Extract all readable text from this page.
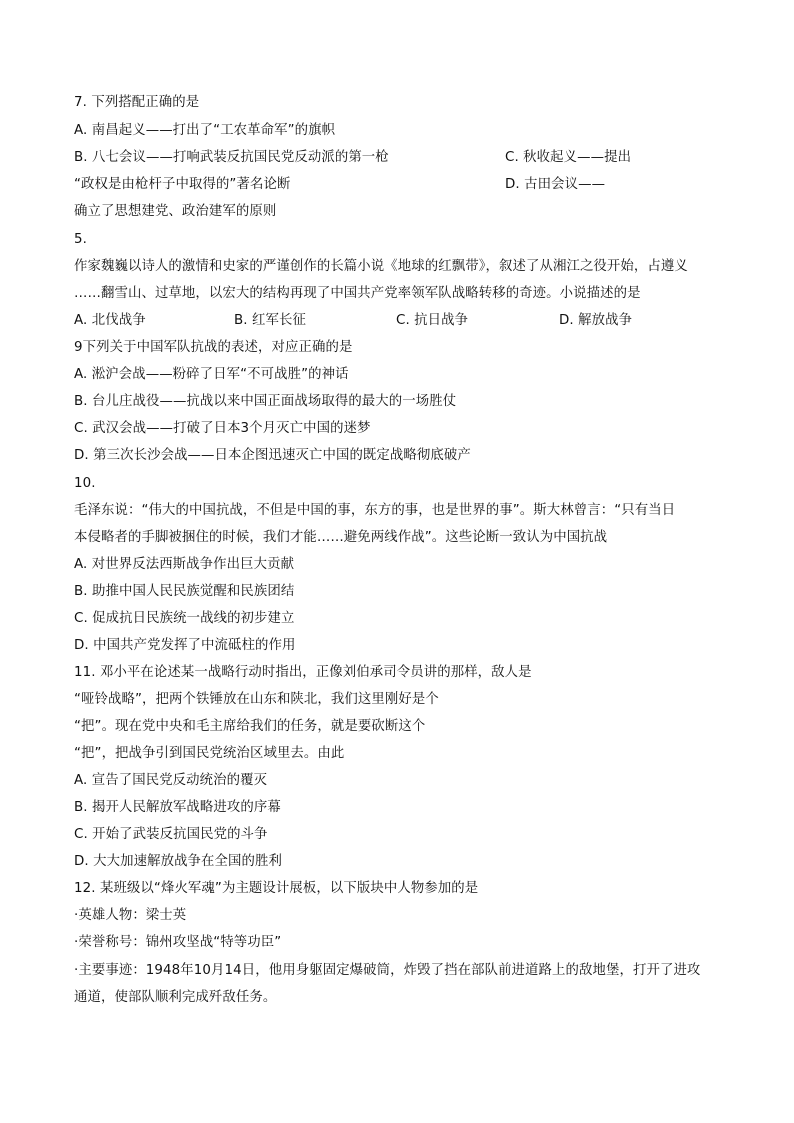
7. 下列搭配正确的是
A. 南昌起义——打出了“工农革命军”的旗帜
B. 八七会议——打响武装反抗国民党反动派的第一枪	C. 秋收起义——提出
“政权是由枪杆子中取得的”著名论断	D. 古田会议——
确立了思想建党、政治建军的原则
5.
作家魏巍以诗人的激情和史家的严谨创作的长篇小说《地球的红飘带》，叙述了从湘江之役开始，占遵义
……翻雪山、过草地，以宏大的结构再现了中国共产党率领军队战略转移的奇迹。小说描述的是
A. 北伐战争	B. 红军长征	C. 抗日战争	D. 解放战争
9下列关于中国军队抗战的表述，对应正确的是
A. 淞沪会战——粉碎了日军“不可战胜”的神话
B. 台儿庄战役——抗战以来中国正面战场取得的最大的一场胜仗
C. 武汉会战——打破了日本3个月灭亡中国的迷梦
D. 第三次长沙会战——日本企图迅速灭亡中国的既定战略彻底破产
10.
毛泽东说：“伟大的中国抗战，不但是中国的事，东方的事，也是世界的事”。斯大林曾言：“只有当日
本侵略者的手脚被捆住的时候，我们才能……避免两线作战”。这些论断一致认为中国抗战
A. 对世界反法西斯战争作出巨大贡献
B. 助推中国人民民族觉醒和民族团结
C. 促成抗日民族统一战线的初步建立
D. 中国共产党发挥了中流砥柱的作用
11. 邓小平在论述某一战略行动时指出，正像刘伯承司令员讲的那样，敌人是
“哑铃战略”，把两个铁锤放在山东和陕北，我们这里刚好是个
“把”。现在党中央和毛主席给我们的任务，就是要砍断这个
“把”，把战争引到国民党统治区域里去。由此
A. 宣告了国民党反动统治的覆灭
B. 揭开人民解放军战略进攻的序幕
C. 开始了武装反抗国民党的斗争
D. 大大加速解放战争在全国的胜利
12. 某班级以“烽火军魂”为主题设计展板，以下版块中人物参加的是
·英雄人物：梁士英
·荣誉称号：锦州攻坚战“特等功臣”
·主要事迹：1948年10月14日，他用身躯固定爆破筒，炸毁了挡在部队前进道路上的敌地堡，打开了进攻
通道，使部队顺利完成歼敌任务。
